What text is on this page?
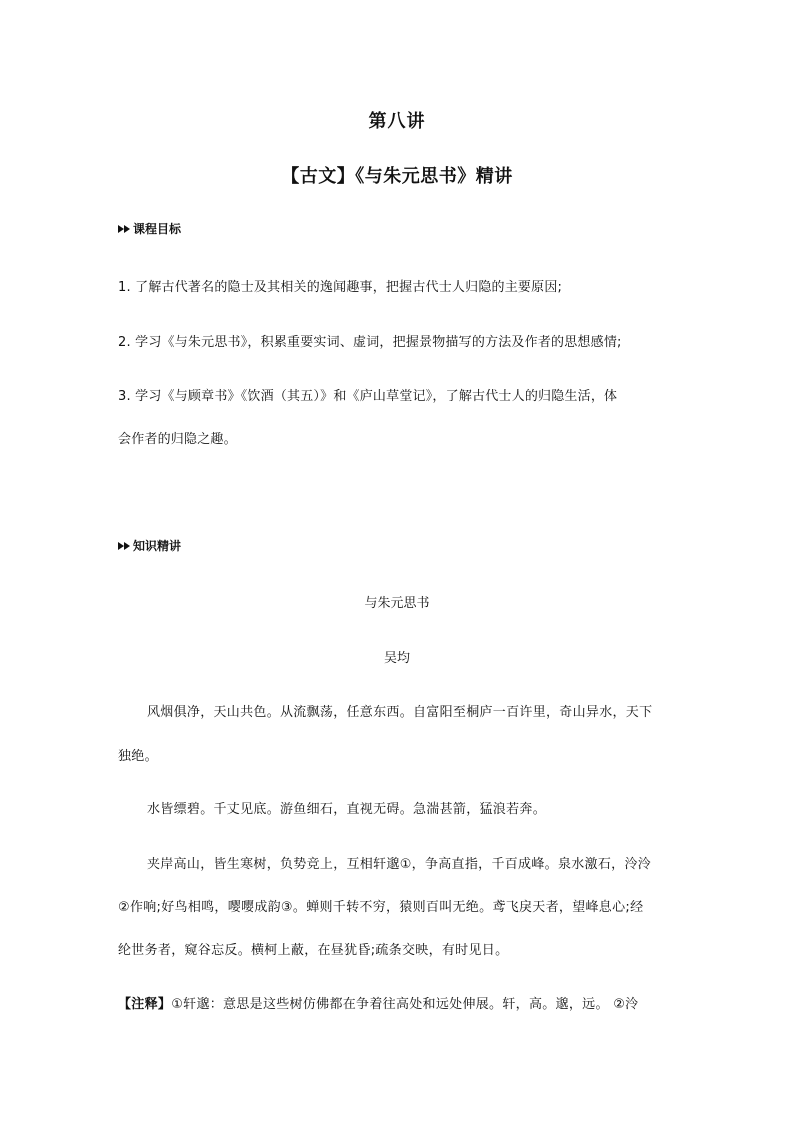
第八讲
【古文】《与朱元思书》精讲
课程目标
1. 了解古代著名的隐士及其相关的逸闻趣事，把握古代士人归隐的主要原因;
2. 学习《与朱元思书》，积累重要实词、虚词，把握景物描写的方法及作者的思想感情;
3. 学习《与顾章书》《饮酒（其五）》和《庐山草堂记》，了解古代士人的归隐生活，体
会作者的归隐之趣。
知识精讲
与朱元思书
吴均
风烟俱净，天山共色。从流飘荡，任意东西。自富阳至桐庐一百许里，奇山异水，天下
独绝。
水皆缥碧。千丈见底。游鱼细石，直视无碍。急湍甚箭，猛浪若奔。
夹岸高山，皆生寒树，负势竞上，互相轩邈①，争高直指，千百成峰。泉水激石，泠泠
②作响;好鸟相鸣，嘤嘤成韵③。蝉则千转不穷，猿则百叫无绝。鸢飞戾天者，望峰息心;经
纶世务者，窥谷忘反。横柯上蔽，在昼犹昏;疏条交映，有时见日。
【注释】①轩邈：意思是这些树仿佛都在争着往高处和远处伸展。轩，高。邈，远。 ②泠
